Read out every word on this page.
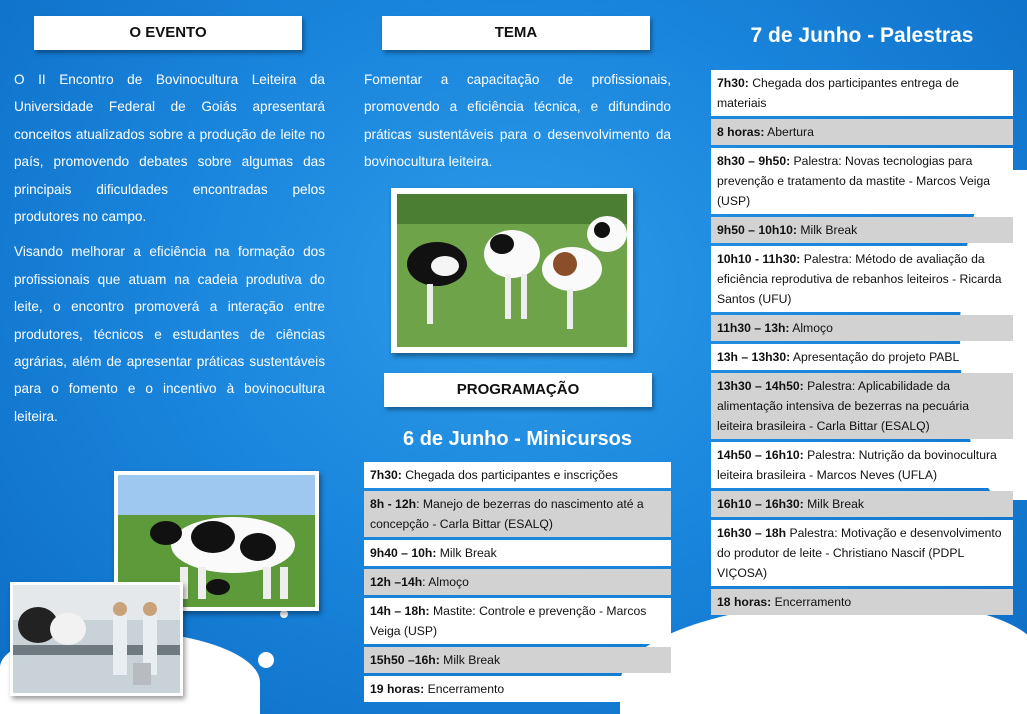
O EVENTO

O II Encontro de Bovinocultura Leiteira da Universidade Federal de Goiás apresentará conceitos atualizados sobre a produção de leite no país, promovendo debates sobre algumas das principais dificuldades encontradas pelos produtores no campo.

Visando melhorar a eficiência na formação dos profissionais que atuam na cadeia produtiva do leite, o encontro promoverá a interação entre produtores, técnicos e estudantes de ciências agrárias, além de apresentar práticas sustentáveis para o fomento e o incentivo à bovinocultura leiteira.

TEMA
Fomentar a capacitação de profissionais, promovendo a eficiência técnica, e difundindo práticas sustentáveis para o desenvolvimento da bovinocultura leiteira.
PROGRAMAÇÃO
6 de Junho - Minicursos
7h30: Chegada dos participantes e inscrições
8h - 12h: Manejo de bezerras do nascimento até a concepção - Carla Bittar (ESALQ)
9h40 – 10h: Milk Break
12h –14h: Almoço
14h – 18h: Mastite: Controle e prevenção - Marcos Veiga (USP)
15h50 –16h: Milk Break
19 horas: Encerramento
7 de Junho - Palestras
7h30: Chegada dos participantes entrega de materiais
8 horas: Abertura
8h30 – 9h50: Palestra: Novas tecnologias para prevenção e tratamento da mastite - Marcos Veiga (USP)
9h50 – 10h10: Milk Break
10h10 - 11h30: Palestra: Método de avaliação da eficiência reprodutiva de rebanhos leiteiros - Ricarda Santos (UFU)
11h30 – 13h: Almoço
13h – 13h30: Apresentação do projeto PABL
13h30 – 14h50: Palestra: Aplicabilidade da alimentação intensiva de bezerras na pecuária leiteira brasileira - Carla Bittar (ESALQ)
14h50 – 16h10: Palestra: Nutrição da bovinocultura leiteira brasileira - Marcos Neves (UFLA)
16h10 – 16h30: Milk Break
16h30 – 18h Palestra: Motivação e desenvolvimento do produtor de leite - Christiano Nascif (PDPL VIÇOSA)
18 horas: Encerramento
